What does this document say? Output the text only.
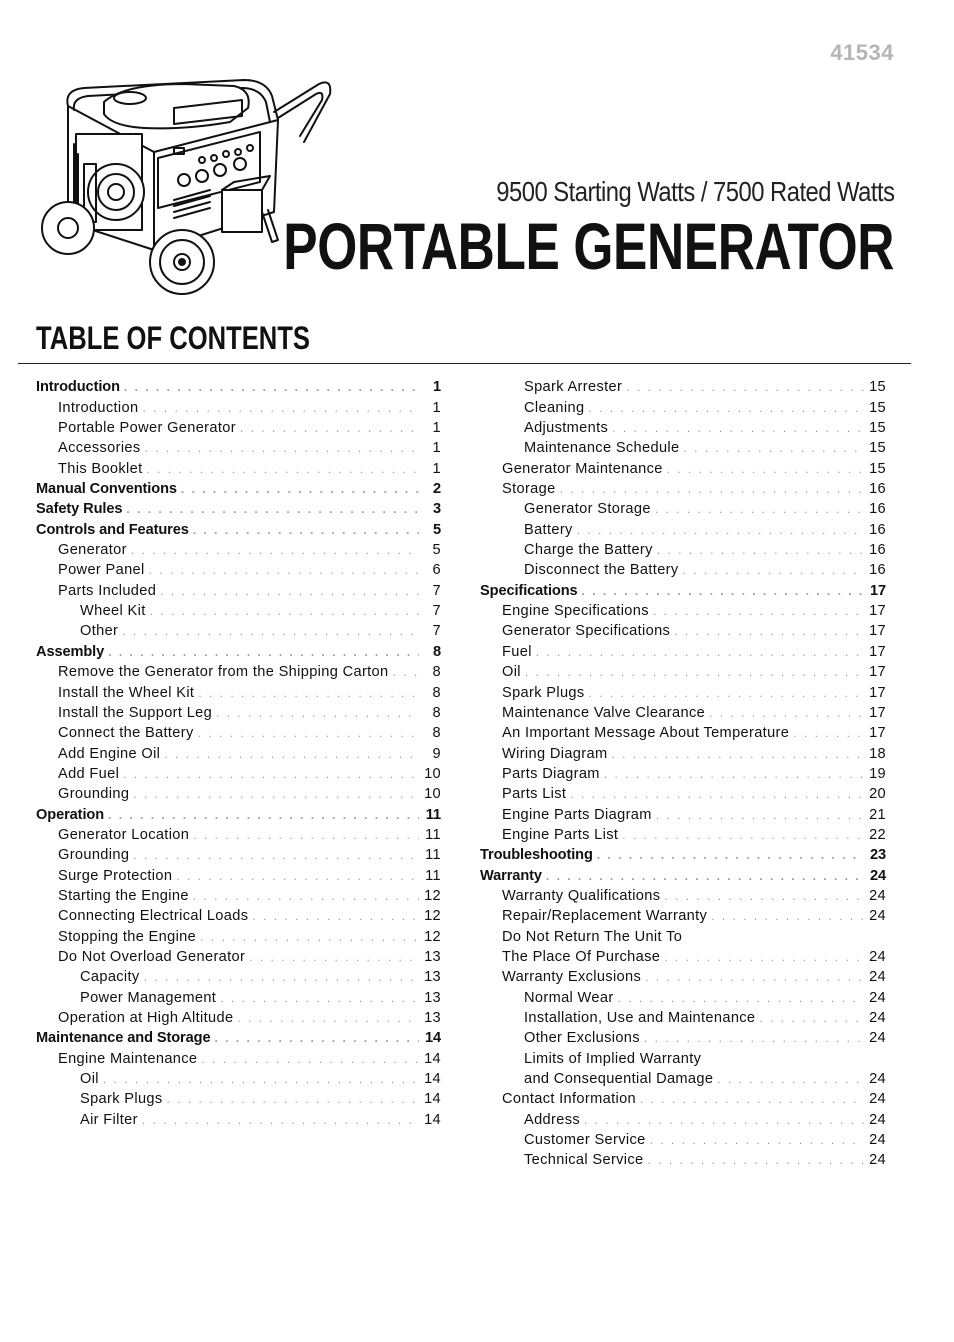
41534
9500 Starting Watts / 7500 Rated Watts
PORTABLE GENERATOR
TABLE OF CONTENTS
Introduction . . .	1
Introduction . . .	1
Portable Power Generator . . .	1
Accessories . . .	1
This Booklet . . .	1
Manual Conventions . . .	2
Safety Rules . . .	3
Controls and Features . . .	5
Generator . . .	5
Power Panel . . .	6
Parts Included . . .	7
Wheel Kit . . .	7
Other . . .	7
Assembly . . .	8
Remove the Generator from the Shipping Carton . . .	8
Install the Wheel Kit . . .	8
Install the Support Leg . . .	8
Connect the Battery . . .	8
Add Engine Oil . . .	9
Add Fuel . . .	10
Grounding . . .	10
Operation . . .	11
Generator Location . . .	11
Grounding . . .	11
Surge Protection . . .	11
Starting the Engine . . .	12
Connecting Electrical Loads . . .	12
Stopping the Engine . . .	12
Do Not Overload Generator . . .	13
Capacity . . .	13
Power Management . . .	13
Operation at High Altitude . . .	13
Maintenance and Storage . . .	14
Engine Maintenance . . .	14
Oil . . .	14
Spark Plugs . . .	14
Air Filter . . .	14
Spark Arrester . . .	15
Cleaning . . .	15
Adjustments . . .	15
Maintenance Schedule . . .	15
Generator Maintenance . . .	15
Storage . . .	16
Generator Storage . . .	16
Battery . . .	16
Charge the Battery . . .	16
Disconnect the Battery . . .	16
Specifications . . .	17
Engine Specifications . . .	17
Generator Specifications . . .	17
Fuel . . .	17
Oil . . .	17
Spark Plugs . . .	17
Maintenance Valve Clearance . . .	17
An Important Message About Temperature . . .	17
Wiring Diagram . . .	18
Parts Diagram . . .	19
Parts List . . .	20
Engine Parts Diagram . . .	21
Engine Parts List . . .	22
Troubleshooting . . .	23
Warranty . . .	24
Warranty Qualifications . . .	24
Repair/Replacement Warranty . . .	24
Do Not Return The Unit To
The Place Of Purchase . . .	24
Warranty Exclusions . . .	24
Normal Wear . . .	24
Installation, Use and Maintenance . . .	24
Other Exclusions . . .	24
Limits of Implied Warranty
and Consequential Damage . . .	24
Contact Information . . .	24
Address . . .	24
Customer Service . . .	24
Technical Service . . .	24
